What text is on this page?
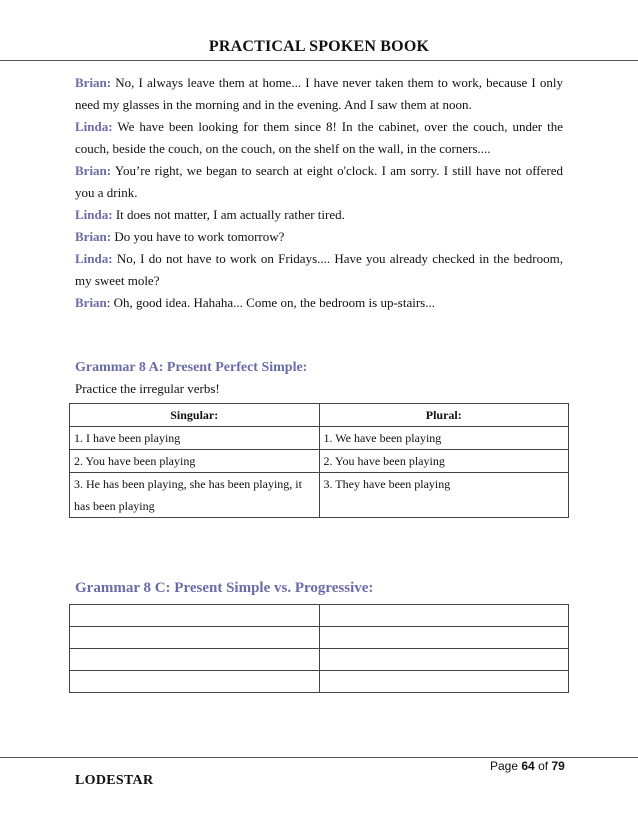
PRACTICAL SPOKEN BOOK

Brian: No, I always leave them at home... I have never taken them to work, because I only need my glasses in the morning and in the evening. And I saw them at noon.

Linda: We have been looking for them since 8! In the cabinet, over the couch, under the couch, beside the couch, on the couch, on the shelf on the wall, in the corners....

Brian: You’re right, we began to search at eight o'clock. I am sorry. I still have not offered you a drink.

Linda: It does not matter, I am actually rather tired.

Brian: Do you have to work tomorrow?

Linda: No, I do not have to work on Fridays.... Have you already checked in the bedroom, my sweet mole?

Brian: Oh, good idea. Hahaha... Come on, the bedroom is up-stairs...

Grammar 8 A: Present Perfect Simple:
Practice the irregular verbs!
Singular:	Plural:
1. I have been playing	1. We have been playing
2. You have been playing	2. You have been playing
3. He has been playing, she has been playing, it has been playing	3. They have been playing
Grammar 8 C: Present Simple vs. Progressive:

Page 64 of 79
LODESTAR
